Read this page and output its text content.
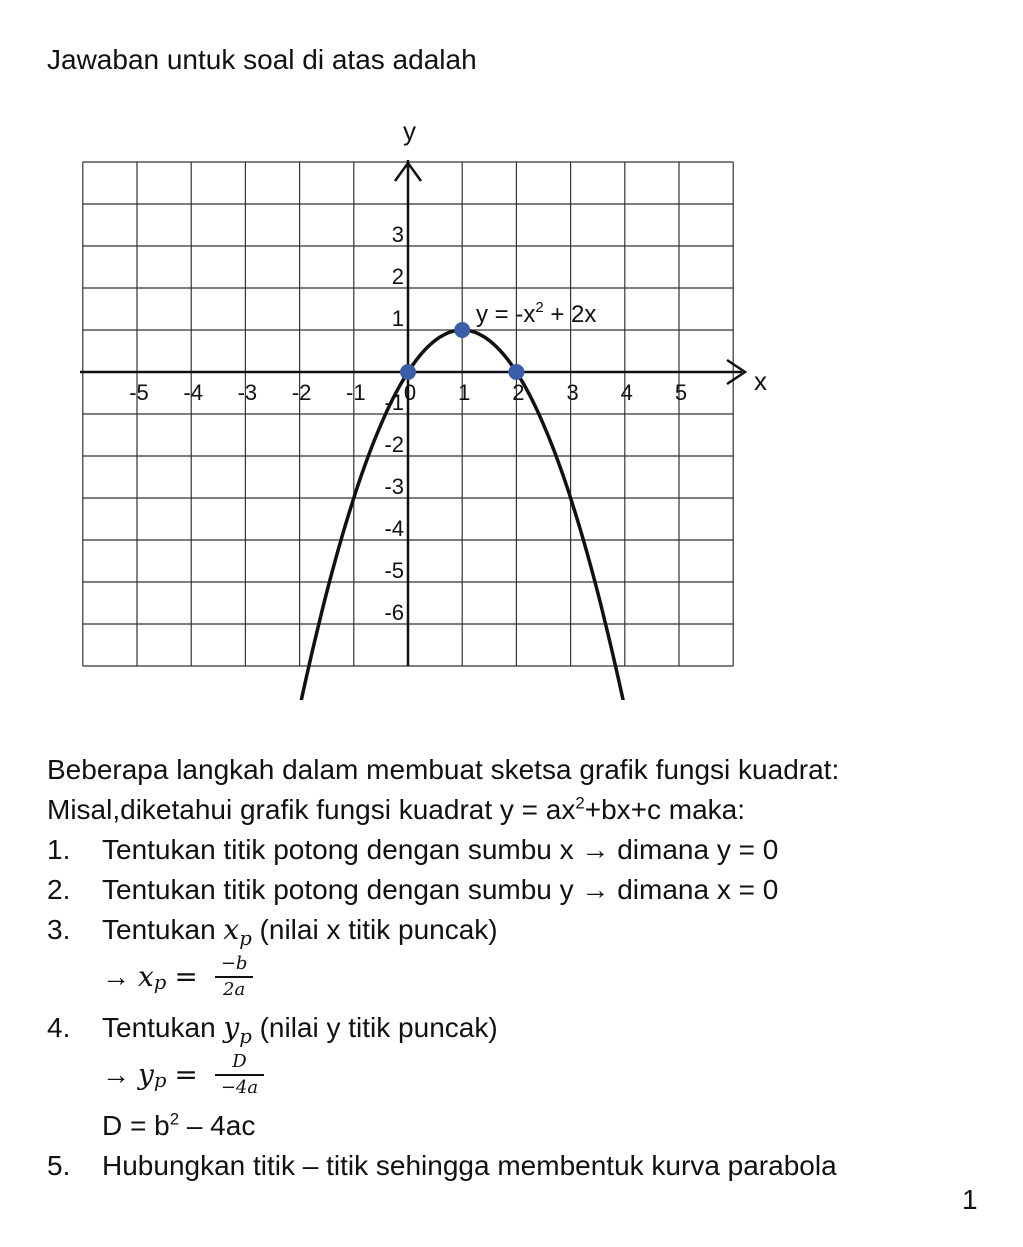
Jawaban untuk soal di atas adalah
-5 -4 -3 -2 -1 0 1 2 3 4 5
3
2
1
-1
-2
-3
-4
-5
-6
y
x
$y = -x^2 + 2x$
Beberapa langkah dalam membuat sketsa grafik fungsi kuadrat:
Misal,diketahui grafik fungsi kuadrat $y = ax^2+bx+c$ maka:
1. Tentukan titik potong dengan sumbu x → dimana y = 0
2. Tentukan titik potong dengan sumbu y → dimana x = 0
3. Tentukan $x_p$ (nilai x titik puncak)
→ x $p = \frac{-b}{2a}$
4. Tentukan $y_p$ (nilai y titik puncak)
→ y $p = \frac{D}{-4a}$
$D = b^2 - 4ac$
5. Hubungkan titik – titik sehingga membentuk kurva parabola
1
